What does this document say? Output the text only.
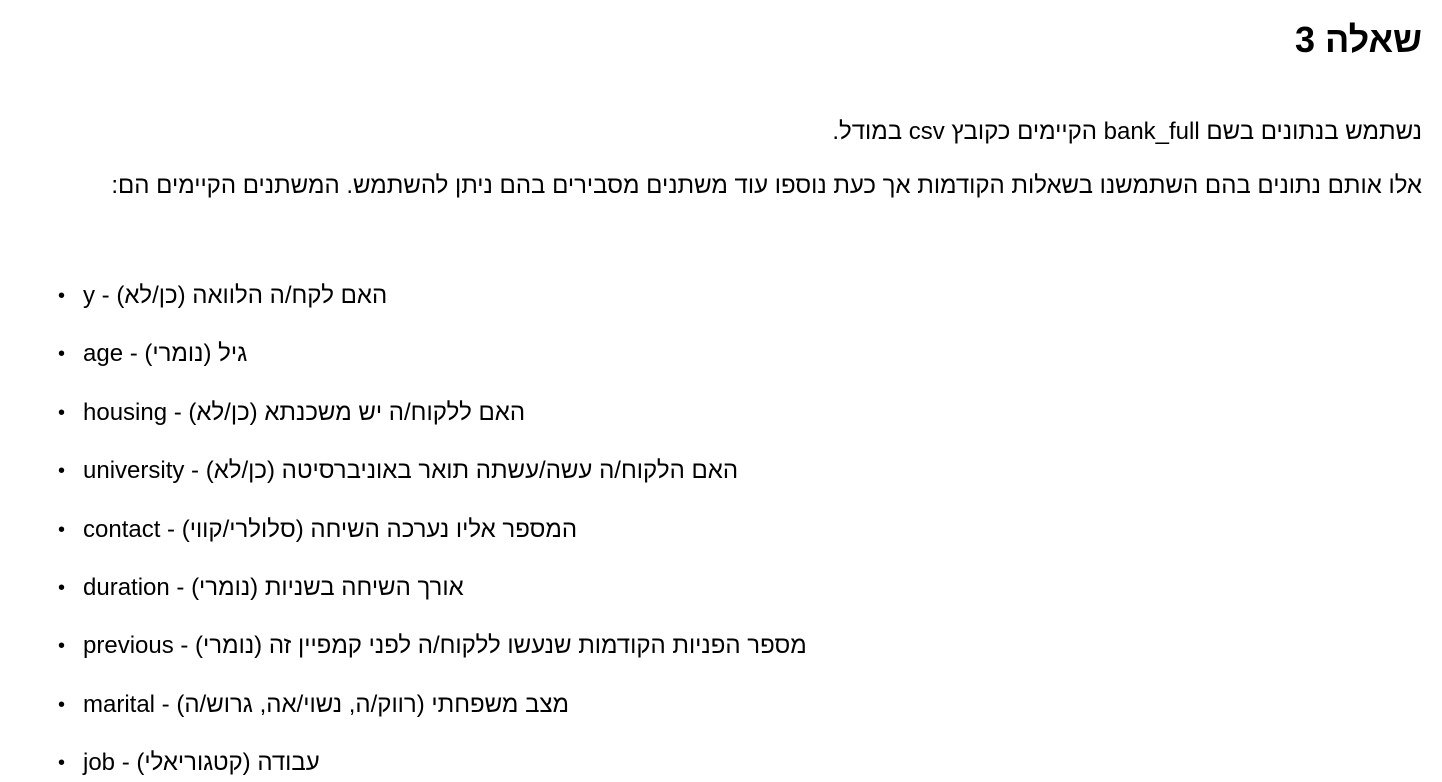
שאלה 3

נשתמש בנתונים בשם bank_full הקיימים כקובץ csv במודל.

אלו אותם נתונים בהם השתמשנו בשאלות הקודמות אך כעת נוספו עוד משתנים מסבירים בהם ניתן להשתמש. המשתנים הקיימים הם:

• y - האם לקח/ה הלוואה (כן/לא)
• age - גיל (נומרי)
• housing - האם ללקוח/ה יש משכנתא (כן/לא)
• university - האם הלקוח/ה עשה/עשתה תואר באוניברסיטה (כן/לא)
• contact - המספר אליו נערכה השיחה (סלולרי/קווי)
• duration - אורך השיחה בשניות (נומרי)
• previous - מספר הפניות הקודמות שנעשו ללקוח/ה לפני קמפיין זה (נומרי)
• marital - מצב משפחתי (רווק/ה, נשוי/אה, גרוש/ה)
• job - עבודה (קטגוריאלי)
